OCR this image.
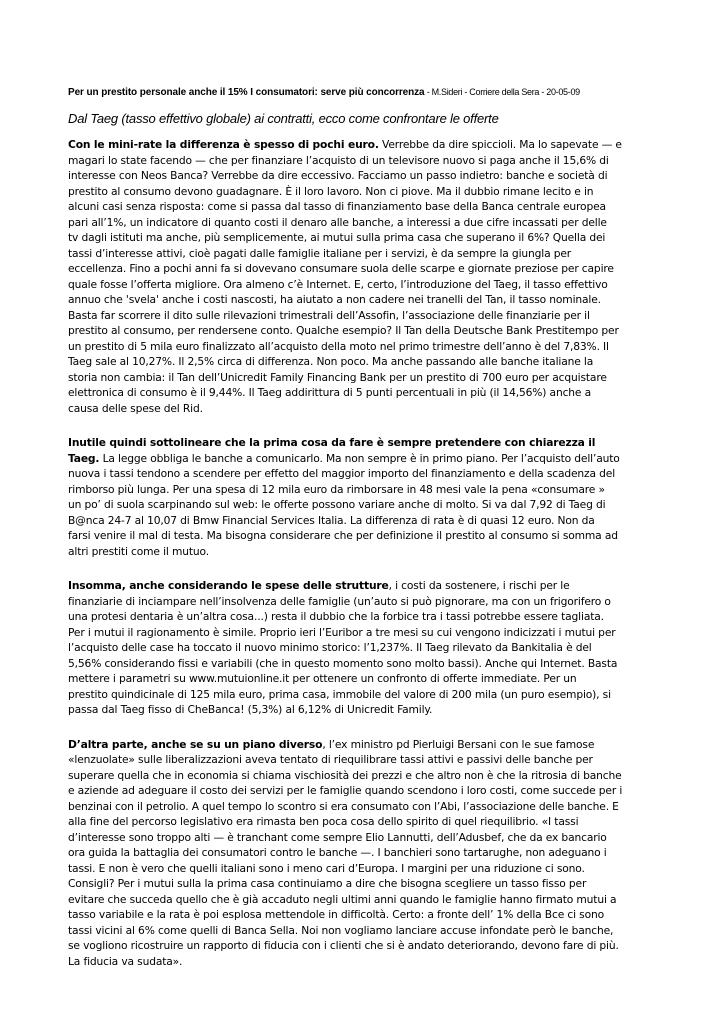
Per un prestito personale anche il 15% I consumatori: serve più concorrenza - M.Sideri - Corriere della Sera - 20-05-09
Dal Taeg (tasso effettivo globale) ai contratti, ecco come confrontare le offerte
Con le mini-rate la differenza è spesso di pochi euro. Verrebbe da dire spiccioli. Ma lo sapevate — e
magari lo state facendo — che per finanziare l’acquisto di un televisore nuovo si paga anche il 15,6% di
interesse con Neos Banca? Verrebbe da dire eccessivo. Facciamo un passo indietro: banche e società di
prestito al consumo devono guadagnare. È il loro lavoro. Non ci piove. Ma il dubbio rimane lecito e in
alcuni casi senza risposta: come si passa dal tasso di finanziamento base della Banca centrale europea
pari all’1%, un indicatore di quanto costi il denaro alle banche, a interessi a due cifre incassati per delle
tv dagli istituti ma anche, più semplicemente, ai mutui sulla prima casa che superano il 6%? Quella dei
tassi d’interesse attivi, cioè pagati dalle famiglie italiane per i servizi, è da sempre la giungla per
eccellenza. Fino a pochi anni fa si dovevano consumare suola delle scarpe e giornate preziose per capire
quale fosse l’offerta migliore. Ora almeno c’è Internet. E, certo, l’introduzione del Taeg, il tasso effettivo
annuo che 'svela' anche i costi nascosti, ha aiutato a non cadere nei tranelli del Tan, il tasso nominale.
Basta far scorrere il dito sulle rilevazioni trimestrali dell’Assofin, l’associazione delle finanziarie per il
prestito al consumo, per rendersene conto. Qualche esempio? Il Tan della Deutsche Bank Prestitempo per
un prestito di 5 mila euro finalizzato all’acquisto della moto nel primo trimestre dell’anno è del 7,83%. Il
Taeg sale al 10,27%. Il 2,5% circa di differenza. Non poco. Ma anche passando alle banche italiane la
storia non cambia: il Tan dell’Unicredit Family Financing Bank per un prestito di 700 euro per acquistare
elettronica di consumo è il 9,44%. Il Taeg addirittura di 5 punti percentuali in più (il 14,56%) anche a
causa delle spese del Rid.
Inutile quindi sottolineare che la prima cosa da fare è sempre pretendere con chiarezza il
Taeg. La legge obbliga le banche a comunicarlo. Ma non sempre è in primo piano. Per l’acquisto dell’auto
nuova i tassi tendono a scendere per effetto del maggior importo del finanziamento e della scadenza del
rimborso più lunga. Per una spesa di 12 mila euro da rimborsare in 48 mesi vale la pena «consumare »
un po’ di suola scarpinando sul web: le offerte possono variare anche di molto. Si va dal 7,92 di Taeg di
B@nca 24-7 al 10,07 di Bmw Financial Services Italia. La differenza di rata è di quasi 12 euro. Non da
farsi venire il mal di testa. Ma bisogna considerare che per definizione il prestito al consumo si somma ad
altri prestiti come il mutuo.
Insomma, anche considerando le spese delle strutture, i costi da sostenere, i rischi per le
finanziarie di inciampare nell’insolvenza delle famiglie (un’auto si può pignorare, ma con un frigorifero o
una protesi dentaria è un’altra cosa...) resta il dubbio che la forbice tra i tassi potrebbe essere tagliata.
Per i mutui il ragionamento è simile. Proprio ieri l’Euribor a tre mesi su cui vengono indicizzati i mutui per
l’acquisto delle case ha toccato il nuovo minimo storico: l’1,237%. Il Taeg rilevato da Bankitalia è del
5,56% considerando fissi e variabili (che in questo momento sono molto bassi). Anche qui Internet. Basta
mettere i parametri su www.mutuionline.it per ottenere un confronto di offerte immediate. Per un
prestito quindicinale di 125 mila euro, prima casa, immobile del valore di 200 mila (un puro esempio), si
passa dal Taeg fisso di CheBanca! (5,3%) al 6,12% di Unicredit Family.
D’altra parte, anche se su un piano diverso, l’ex ministro pd Pierluigi Bersani con le sue famose
«lenzuolate» sulle liberalizzazioni aveva tentato di riequilibrare tassi attivi e passivi delle banche per
superare quella che in economia si chiama vischiosità dei prezzi e che altro non è che la ritrosia di banche
e aziende ad adeguare il costo dei servizi per le famiglie quando scendono i loro costi, come succede per i
benzinai con il petrolio. A quel tempo lo scontro si era consumato con l’Abi, l’associazione delle banche. E
alla fine del percorso legislativo era rimasta ben poca cosa dello spirito di quel riequilibrio. «I tassi
d’interesse sono troppo alti — è tranchant come sempre Elio Lannutti, dell’Adusbef, che da ex bancario
ora guida la battaglia dei consumatori contro le banche —. I banchieri sono tartarughe, non adeguano i
tassi. E non è vero che quelli italiani sono i meno cari d’Europa. I margini per una riduzione ci sono.
Consigli? Per i mutui sulla la prima casa continuiamo a dire che bisogna scegliere un tasso fisso per
evitare che succeda quello che è già accaduto negli ultimi anni quando le famiglie hanno firmato mutui a
tasso variabile e la rata è poi esplosa mettendole in difficoltà. Certo: a fronte dell’ 1% della Bce ci sono
tassi vicini al 6% come quelli di Banca Sella. Noi non vogliamo lanciare accuse infondate però le banche,
se vogliono ricostruire un rapporto di fiducia con i clienti che si è andato deteriorando, devono fare di più.
La fiducia va sudata».
